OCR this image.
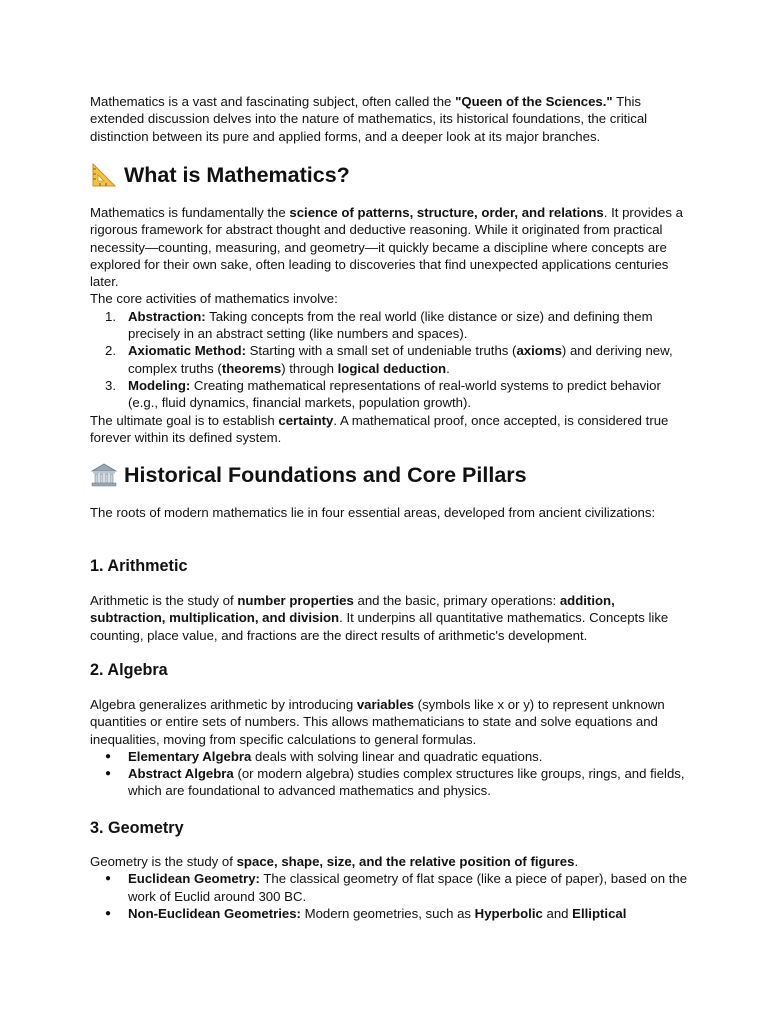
Mathematics is a vast and fascinating subject, often called the "Queen of the Sciences." This extended discussion delves into the nature of mathematics, its historical foundations, the critical distinction between its pure and applied forms, and a deeper look at its major branches.

What is Mathematics?

Mathematics is fundamentally the science of patterns, structure, order, and relations. It provides a rigorous framework for abstract thought and deductive reasoning. While it originated from practical necessity—counting, measuring, and geometry—it quickly became a discipline where concepts are explored for their own sake, often leading to discoveries that find unexpected applications centuries later.

The core activities of mathematics involve:

1. Abstraction: Taking concepts from the real world (like distance or size) and defining them precisely in an abstract setting (like numbers and spaces).
2. Axiomatic Method: Starting with a small set of undeniable truths (axioms) and deriving new, complex truths (theorems) through logical deduction.
3. Modeling: Creating mathematical representations of real-world systems to predict behavior (e.g., fluid dynamics, financial markets, population growth).

The ultimate goal is to establish certainty. A mathematical proof, once accepted, is considered true forever within its defined system.

Historical Foundations and Core Pillars

The roots of modern mathematics lie in four essential areas, developed from ancient civilizations:

1. Arithmetic

Arithmetic is the study of number properties and the basic, primary operations: addition, subtraction, multiplication, and division. It underpins all quantitative mathematics. Concepts like counting, place value, and fractions are the direct results of arithmetic's development.

2. Algebra

Algebra generalizes arithmetic by introducing variables (symbols like x or y) to represent unknown quantities or entire sets of numbers. This allows mathematicians to state and solve equations and inequalities, moving from specific calculations to general formulas.

● Elementary Algebra deals with solving linear and quadratic equations.
● Abstract Algebra (or modern algebra) studies complex structures like groups, rings, and fields, which are foundational to advanced mathematics and physics.
3. Geometry

Geometry is the study of space, shape, size, and the relative position of figures.

● Euclidean Geometry: The classical geometry of flat space (like a piece of paper), based on the work of Euclid around 300 BC.
● Non-Euclidean Geometries: Modern geometries, such as Hyperbolic and Elliptical
